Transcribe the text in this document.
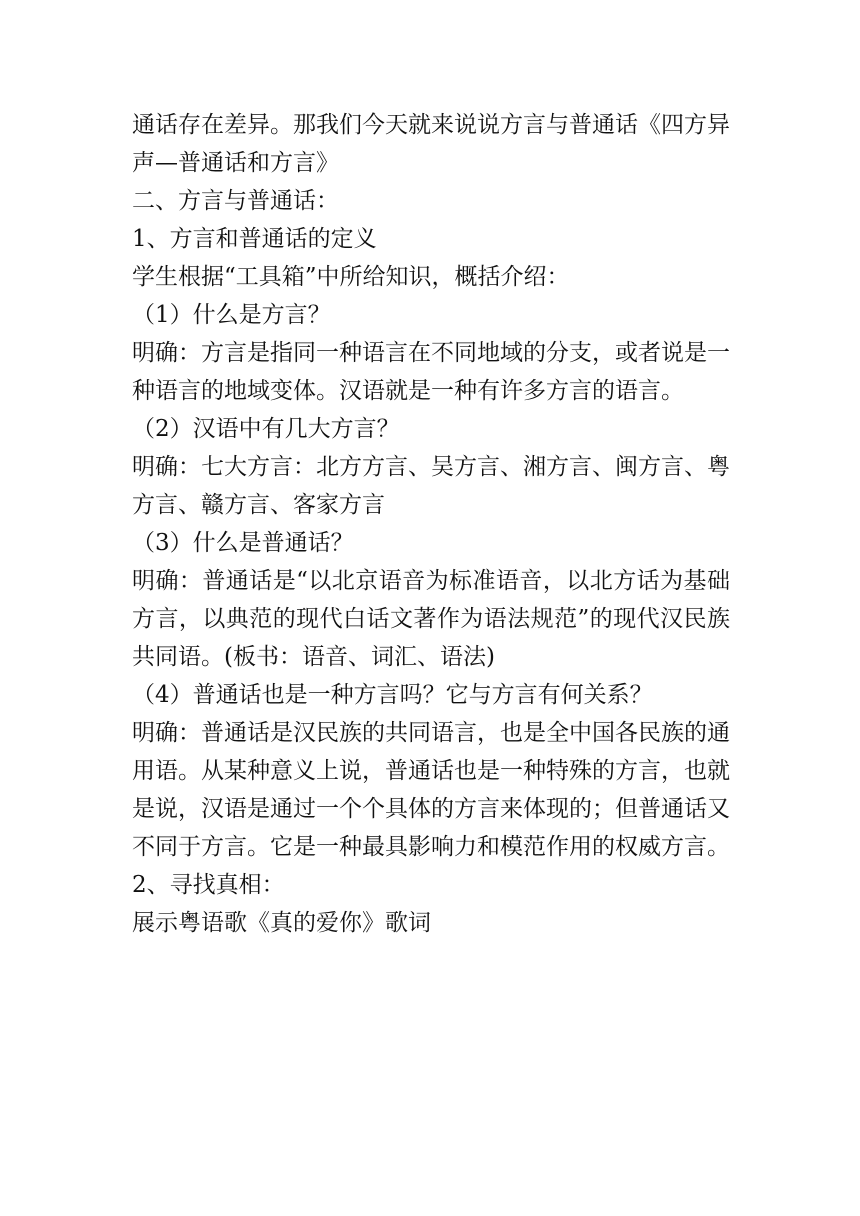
通话存在差异。那我们今天就来说说方言与普通话《四方异
声—普通话和方言》
二、方言与普通话：
1、方言和普通话的定义
学生根据“工具箱”中所给知识，概括介绍：
（1）什么是方言？
明确：方言是指同一种语言在不同地域的分支，或者说是一
种语言的地域变体。汉语就是一种有许多方言的语言。
（2）汉语中有几大方言？
明确：七大方言：北方方言、吴方言、湘方言、闽方言、粤
方言、赣方言、客家方言
（3）什么是普通话？
明确：普通话是“以北京语音为标准语音，以北方话为基础
方言，以典范的现代白话文著作为语法规范”的现代汉民族
共同语。(板书：语音、词汇、语法)
（4）普通话也是一种方言吗？它与方言有何关系？
明确：普通话是汉民族的共同语言，也是全中国各民族的通
用语。从某种意义上说，普通话也是一种特殊的方言，也就
是说，汉语是通过一个个具体的方言来体现的；但普通话又
不同于方言。它是一种最具影响力和模范作用的权威方言。
2、寻找真相：
展示粤语歌《真的爱你》歌词
